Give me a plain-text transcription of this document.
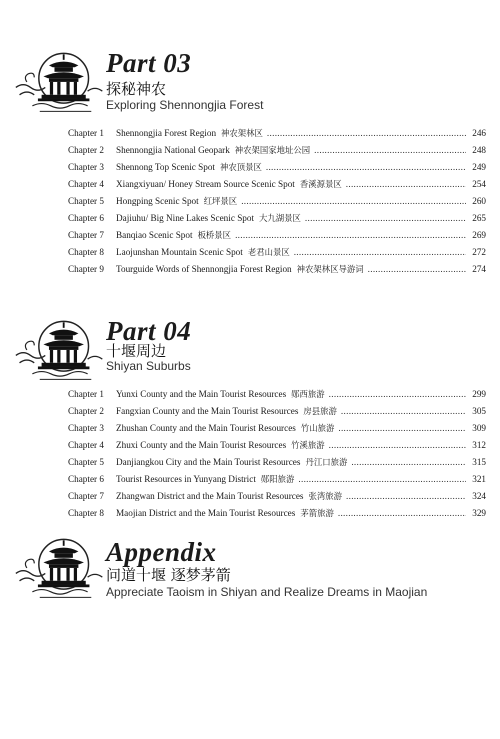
Part 03
探秘神农
Exploring Shennongjia Forest
Chapter 1	Shennongjia Forest Region 神农架林区 .....	246
Chapter 2	Shennongjia National Geopark 神农架国家地址公园 .....	248
Chapter 3	Shennong Top Scenic Spot 神农顶景区 .....	249
Chapter 4	Xiangxiyuan/ Honey Stream Source Scenic Spot 香溪源景区 .....	254
Chapter 5	Hongping Scenic Spot 红坪景区 .....	260
Chapter 6	Dajiuhu/ Big Nine Lakes Scenic Spot 大九湖景区 .....	265
Chapter 7	Banqiao Scenic Spot 板桥景区 .....	269
Chapter 8	Laojunshan Mountain Scenic Spot 老君山景区 .....	272
Chapter 9	Tourguide Words of Shennongjia Forest Region 神农架林区导游词 .....	274
Part 04
十堰周边
Shiyan Suburbs
Chapter 1	Yunxi County and the Main Tourist Resources 郧西旅游 .....	299
Chapter 2	Fangxian County and the Main Tourist Resources 房县旅游 .....	305
Chapter 3	Zhushan County and the Main Tourist Resources 竹山旅游 .....	309
Chapter 4	Zhuxi County and the Main Tourist Resources 竹溪旅游 .....	312
Chapter 5	Danjiangkou City and the Main Tourist Resources 丹江口旅游 .....	315
Chapter 6	Tourist Resources in Yunyang District 郧阳旅游 .....	321
Chapter 7	Zhangwan District and the Main Tourist Resources 张湾旅游 .....	324
Chapter 8	Maojian District and the Main Tourist Resources 茅箭旅游 .....	329
Appendix
问道十堰 逐梦茅箭
Appreciate Taoism in Shiyan and Realize Dreams in Maojian
